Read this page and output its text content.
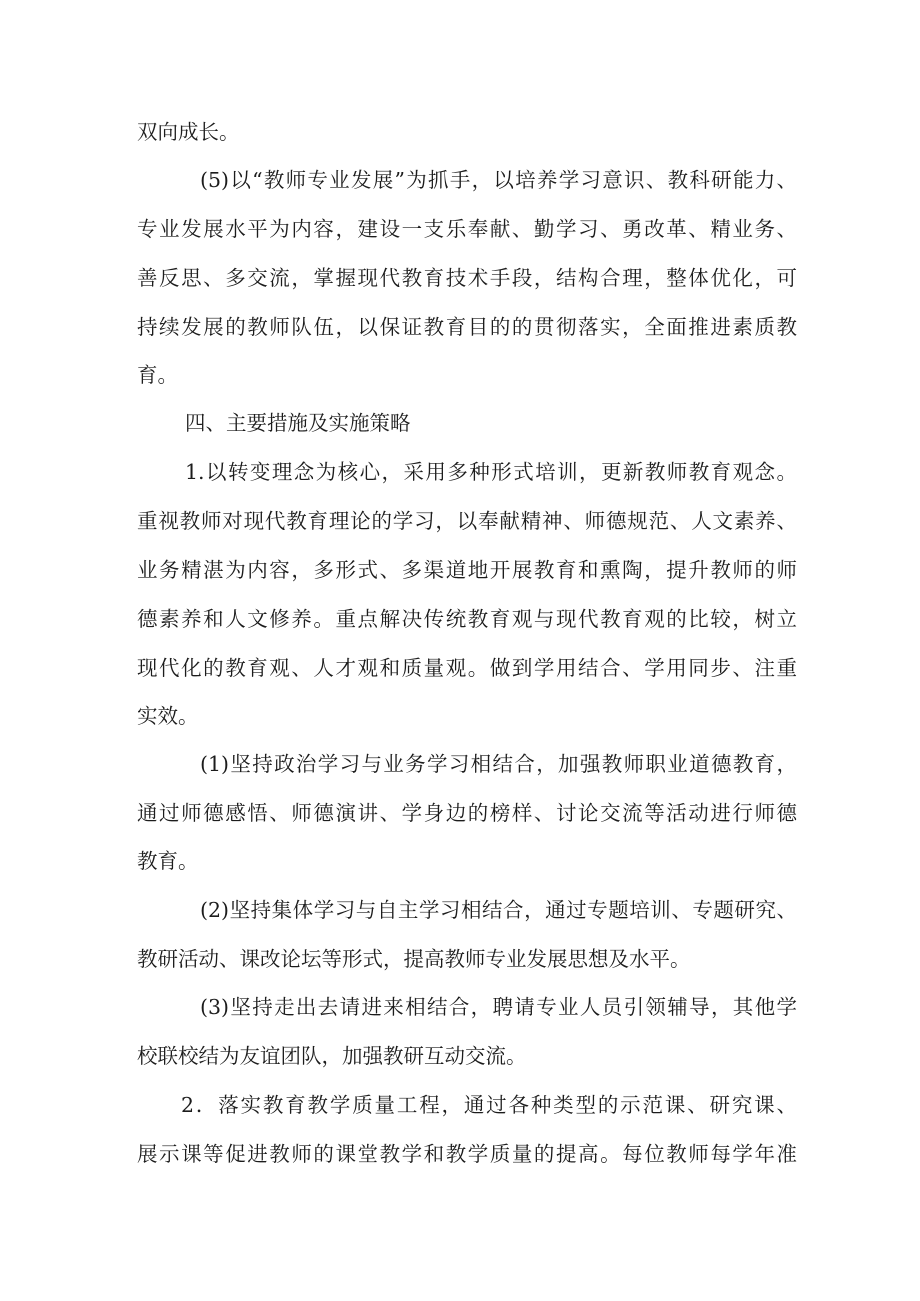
双向成长。
(5)以“教师专业发展”为抓手，以培养学习意识、教科研能力、
专业发展水平为内容，建设一支乐奉献、勤学习、勇改革、精业务、
善反思、多交流，掌握现代教育技术手段，结构合理，整体优化，可
持续发展的教师队伍，以保证教育目的的贯彻落实，全面推进素质教
育。
四、主要措施及实施策略
1.以转变理念为核心，采用多种形式培训，更新教师教育观念。
重视教师对现代教育理论的学习，以奉献精神、师德规范、人文素养、
业务精湛为内容，多形式、多渠道地开展教育和熏陶，提升教师的师
德素养和人文修养。重点解决传统教育观与现代教育观的比较，树立
现代化的教育观、人才观和质量观。做到学用结合、学用同步、注重
实效。
(1)坚持政治学习与业务学习相结合，加强教师职业道德教育，
通过师德感悟、师德演讲、学身边的榜样、讨论交流等活动进行师德
教育。
(2)坚持集体学习与自主学习相结合，通过专题培训、专题研究、
教研活动、课改论坛等形式，提高教师专业发展思想及水平。
(3)坚持走出去请进来相结合，聘请专业人员引领辅导，其他学
校联校结为友谊团队，加强教研互动交流。
2．落实教育教学质量工程，通过各种类型的示范课、研究课、
展示课等促进教师的课堂教学和教学质量的提高。每位教师每学年准
